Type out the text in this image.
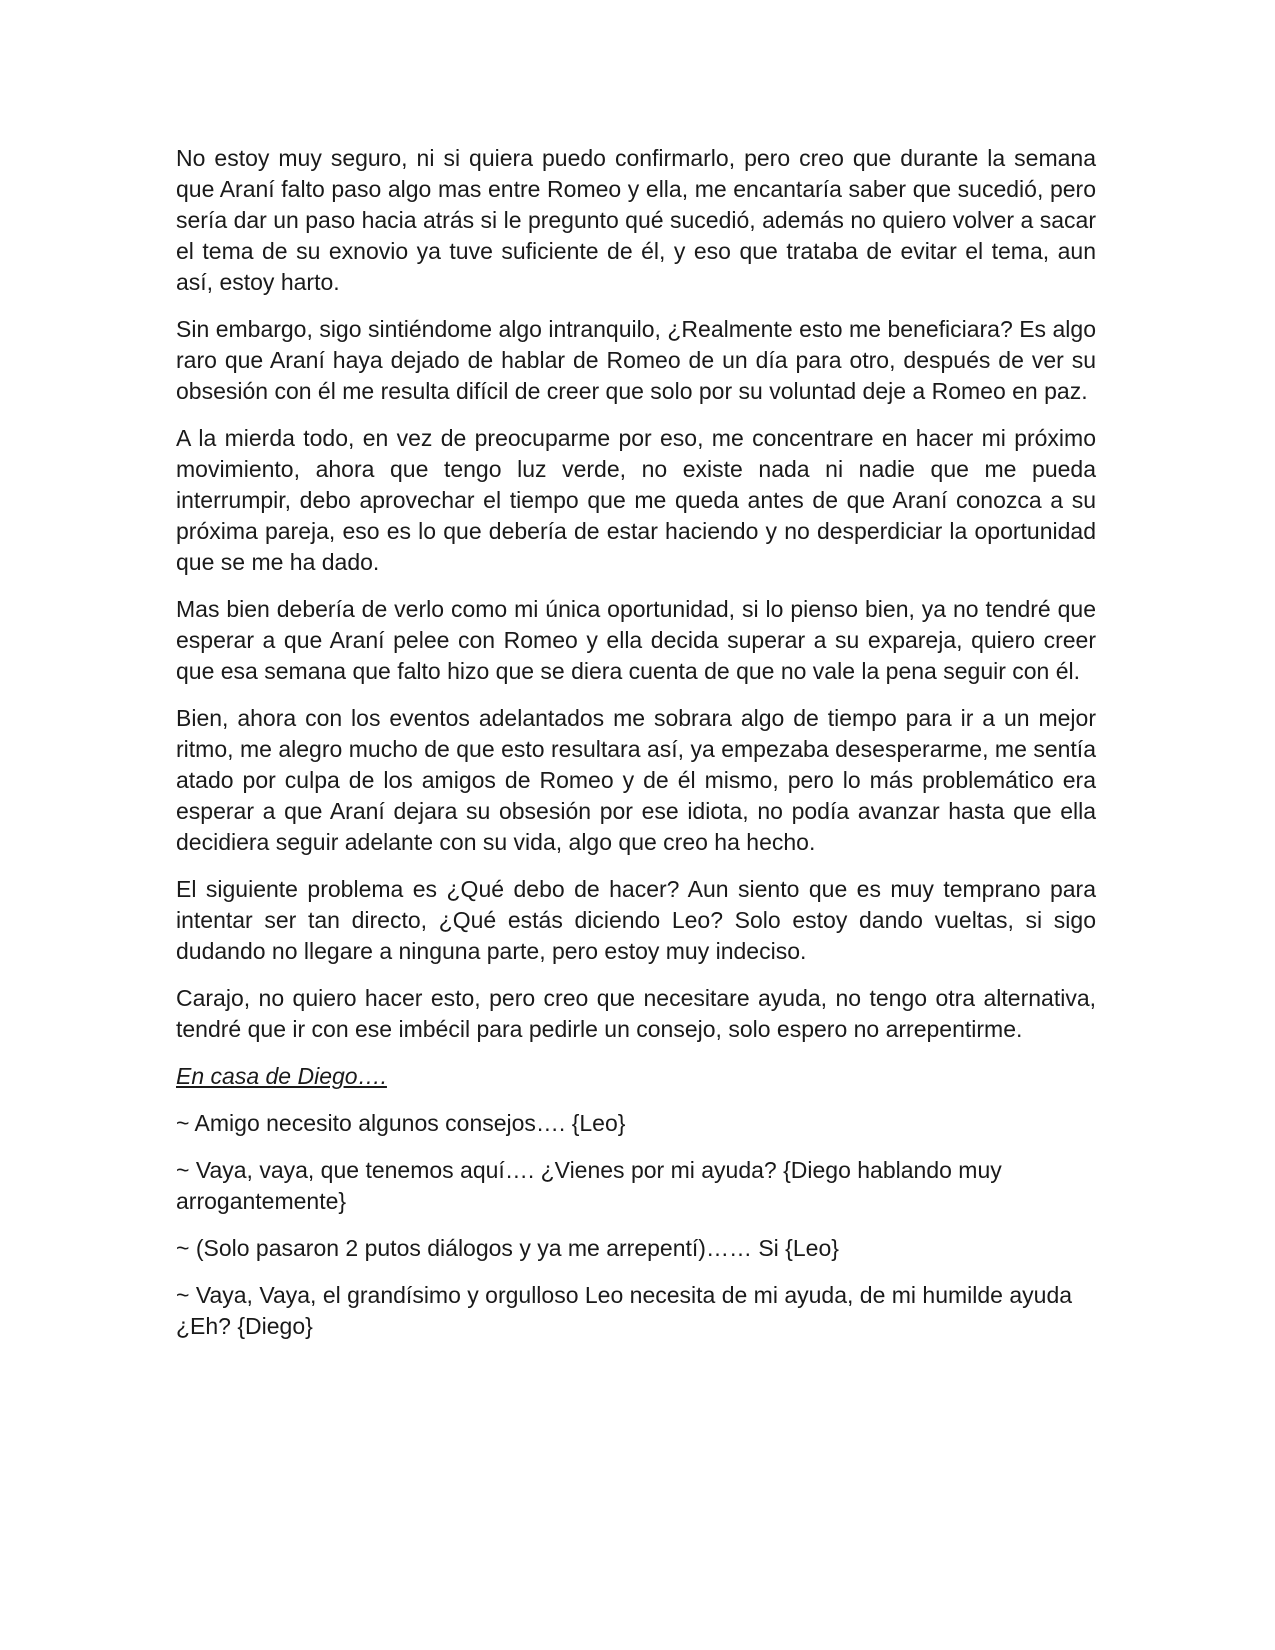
No estoy muy seguro, ni si quiera puedo confirmarlo, pero creo que durante la semana que Araní falto paso algo mas entre Romeo y ella, me encantaría saber que sucedió, pero sería dar un paso hacia atrás si le pregunto qué sucedió, además no quiero volver a sacar el tema de su exnovio ya tuve suficiente de él, y eso que trataba de evitar el tema, aun así, estoy harto.

Sin embargo, sigo sintiéndome algo intranquilo, ¿Realmente esto me beneficiara? Es algo raro que Araní haya dejado de hablar de Romeo de un día para otro, después de ver su obsesión con él me resulta difícil de creer que solo por su voluntad deje a Romeo en paz.

A la mierda todo, en vez de preocuparme por eso, me concentrare en hacer mi próximo movimiento, ahora que tengo luz verde, no existe nada ni nadie que me pueda interrumpir, debo aprovechar el tiempo que me queda antes de que Araní conozca a su próxima pareja, eso es lo que debería de estar haciendo y no desperdiciar la oportunidad que se me ha dado.

Mas bien debería de verlo como mi única oportunidad, si lo pienso bien, ya no tendré que esperar a que Araní pelee con Romeo y ella decida superar a su expareja, quiero creer que esa semana que falto hizo que se diera cuenta de que no vale la pena seguir con él.

Bien, ahora con los eventos adelantados me sobrara algo de tiempo para ir a un mejor ritmo, me alegro mucho de que esto resultara así, ya empezaba desesperarme, me sentía atado por culpa de los amigos de Romeo y de él mismo, pero lo más problemático era esperar a que Araní dejara su obsesión por ese idiota, no podía avanzar hasta que ella decidiera seguir adelante con su vida, algo que creo ha hecho.

El siguiente problema es ¿Qué debo de hacer? Aun siento que es muy temprano para intentar ser tan directo, ¿Qué estás diciendo Leo? Solo estoy dando vueltas, si sigo dudando no llegare a ninguna parte, pero estoy muy indeciso.

Carajo, no quiero hacer esto, pero creo que necesitare ayuda, no tengo otra alternativa, tendré que ir con ese imbécil para pedirle un consejo, solo espero no arrepentirme.

En casa de Diego….

~ Amigo necesito algunos consejos…. {Leo}

~ Vaya, vaya, que tenemos aquí…. ¿Vienes por mi ayuda? {Diego hablando muy arrogantemente}

~ (Solo pasaron 2 putos diálogos y ya me arrepentí)…… Si {Leo}

~ Vaya, Vaya, el grandísimo y orgulloso Leo necesita de mi ayuda, de mi humilde ayuda ¿Eh? {Diego}
